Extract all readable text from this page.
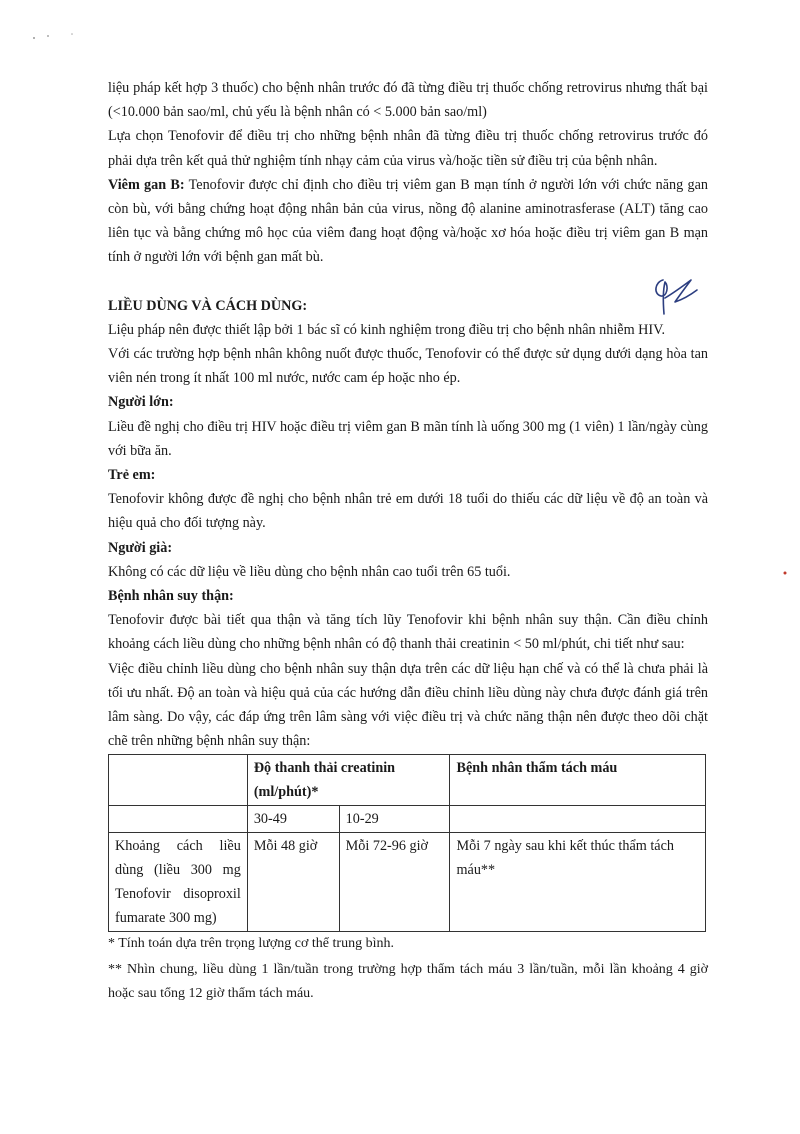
liệu pháp kết hợp 3 thuốc) cho bệnh nhân trước đó đã từng điều trị thuốc chống retrovirus nhưng thất bại (<10.000 bản sao/ml, chủ yếu là bệnh nhân có < 5.000 bản sao/ml)

Lựa chọn Tenofovir để điều trị cho những bệnh nhân đã từng điều trị thuốc chống retrovirus trước đó phải dựa trên kết quả thử nghiệm tính nhạy cảm của virus và/hoặc tiền sử điều trị của bệnh nhân.

Viêm gan B: Tenofovir được chỉ định cho điều trị viêm gan B mạn tính ở người lớn với chức năng gan còn bù, với bằng chứng hoạt động nhân bản của virus, nồng độ alanine aminotrasferase (ALT) tăng cao liên tục và bằng chứng mô học của viêm đang hoạt động và/hoặc xơ hóa hoặc điều trị viêm gan B mạn tính ở người lớn với bệnh gan mất bù.

LIỀU DÙNG VÀ CÁCH DÙNG:

Liệu pháp nên được thiết lập bởi 1 bác sĩ có kinh nghiệm trong điều trị cho bệnh nhân nhiễm HIV.

Với các trường hợp bệnh nhân không nuốt được thuốc, Tenofovir có thể được sử dụng dưới dạng hòa tan viên nén trong ít nhất 100 ml nước, nước cam ép hoặc nho ép.

Người lớn:

Liều đề nghị cho điều trị HIV hoặc điều trị viêm gan B mãn tính là uống 300 mg (1 viên) 1 lần/ngày cùng với bữa ăn.

Trẻ em:

Tenofovir không được đề nghị cho bệnh nhân trẻ em dưới 18 tuổi do thiếu các dữ liệu về độ an toàn và hiệu quả cho đối tượng này.

Người già:

Không có các dữ liệu về liều dùng cho bệnh nhân cao tuổi trên 65 tuổi.

Bệnh nhân suy thận:

Tenofovir được bài tiết qua thận và tăng tích lũy Tenofovir khi bệnh nhân suy thận. Cần điều chỉnh khoảng cách liều dùng cho những bệnh nhân có độ thanh thải creatinin < 50 ml/phút, chi tiết như sau:

Việc điều chỉnh liều dùng cho bệnh nhân suy thận dựa trên các dữ liệu hạn chế và có thể là chưa phải là tối ưu nhất. Độ an toàn và hiệu quả của các hướng dẫn điều chỉnh liều dùng này chưa được đánh giá trên lâm sàng. Do vậy, các đáp ứng trên lâm sàng với việc điều trị và chức năng thận nên được theo dõi chặt chẽ trên những bệnh nhân suy thận:

	Độ thanh thải creatinin (ml/phút)*		Bệnh nhân thẩm tách máu
	30-49	10-29	
Khoảng cách liều dùng (liều 300 mg Tenofovir disoproxil fumarate 300 mg)	Mỗi 48 giờ	Mỗi 72-96 giờ	Mỗi 7 ngày sau khi kết thúc thẩm tách máu**

* Tính toán dựa trên trọng lượng cơ thể trung bình.

** Nhìn chung, liều dùng 1 lần/tuần trong trường hợp thẩm tách máu 3 lần/tuần, mỗi lần khoảng 4 giờ hoặc sau tổng 12 giờ thẩm tách máu.
